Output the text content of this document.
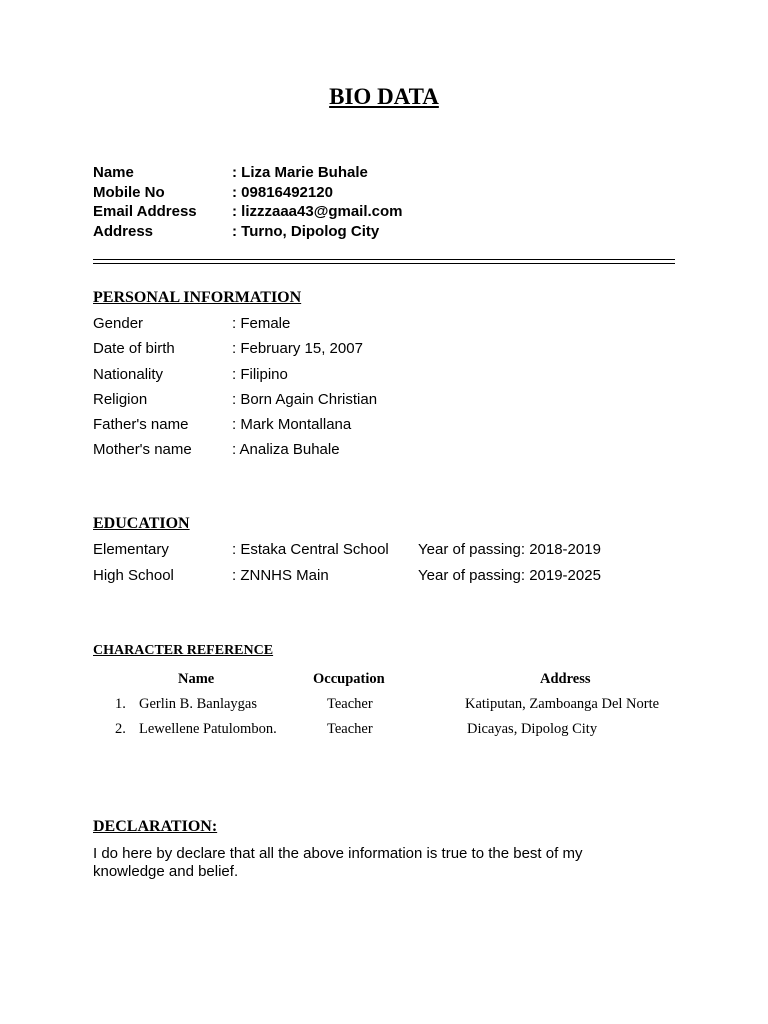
BIO DATA
Name	: Liza Marie Buhale
Mobile No	: 09816492120
Email Address : lizzzaaa43@gmail.com
Address	: Turno, Dipolog City
PERSONAL INFORMATION
Gender	: Female
Date of birth	: February 15, 2007
Nationality	: Filipino
Religion	: Born Again Christian
Father's name	: Mark Montallana
Mother's name	: Analiza Buhale
EDUCATION
Elementary	: Estaka Central School Year of passing: 2018-2019
High School	: ZNNHS Main	Year of passing: 2019-2025
CHARACTER REFERENCE
Name	Occupation	Address
1. Gerlin B. Banlaygas	Teacher	Katiputan, Zamboanga Del Norte
2. Lewellene Patulombon.	Teacher	Dicayas, Dipolog City
DECLARATION:
I do here by declare that all the above information is true to the best of my knowledge and belief.
